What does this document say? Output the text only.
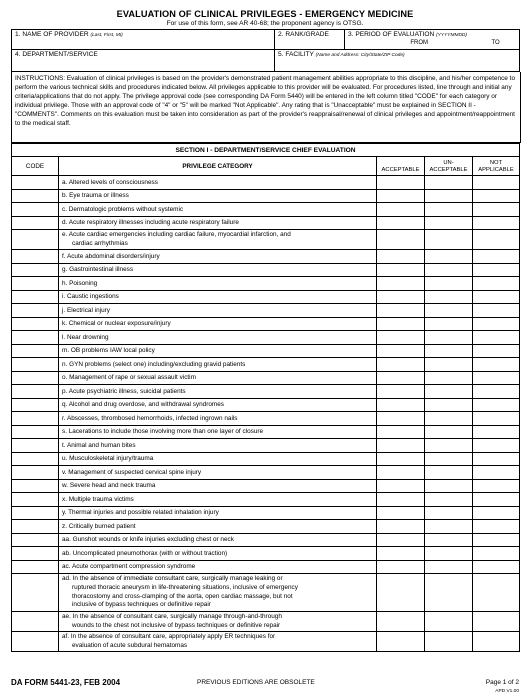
EVALUATION OF CLINICAL PRIVILEGES - EMERGENCY MEDICINE
For use of this form, see AR 40-68; the proponent agency is OTSG.
1. NAME OF PROVIDER (Last, First, MI)	2. RANK/GRADE	3. PERIOD OF EVALUATION (YYYYMMDD)
FROM TO

4. DEPARTMENT/SERVICE	5. FACILITY (Name and Address: City/State/ZIP Code)	

INSTRUCTIONS: Evaluation of clinical privileges is based on the provider's demonstrated patient management abilities appropriate to this discipline, and his/her competence to perform the various technical skills and procedures indicated below. All privileges applicable to this provider will be evaluated. For procedures listed, line through and initial any criteria/applications that do not apply. The privilege approval code (see corresponding DA Form 5440) will be entered in the left column titled "CODE" for each category or individual privilege. Those with an approval code of "4" or "5" will be marked "Not Applicable". Any rating that is "Unacceptable" must be explained in SECTION II - "COMMENTS". Comments on this evaluation must be taken into consideration as part of the provider's reappraisal/renewal of clinical privileges and appointment/reappointment to the medical staff.

SECTION I - DEPARTMENT/SERVICE CHIEF EVALUATION				
CODE	PRIVILEGE CATEGORY	ACCEPTABLE	UN-
ACCEPTABLE	NOT
APPLICABLE
	a. Altered levels of consciousness			
	b. Eye trauma or illness			
	c. Dermatologic problems without systemic			
	d. Acute respiratory illnesses including acute respiratory failure			
	e. Acute cardiac emergencies including cardiac failure, myocardial infarction, and
cardiac arrhythmias			

	f. Acute abdominal disorders/injury			
	g. Gastrointestinal illness			
	h. Poisoning			
	i. Caustic ingestions			
	j. Electrical injury			
	k. Chemical or nuclear exposure/injury			
	l. Near drowning			
	m. OB problems IAW local policy			
	n. GYN problems (select one) including/excluding gravid patients			
	o. Management of rape or sexual assault victim			
	p. Acute psychiatric illness, suicidal patients			
	q. Alcohol and drug overdose, and withdrawal syndromes			
	r. Abscesses, thrombosed hemorrhoids, infected ingrown nails			
	s. Lacerations to include those involving more than one layer of closure			
	t. Animal and human bites			
	u. Musculoskeletal injury/trauma			
	v. Management of suspected cervical spine injury			
	w. Severe head and neck trauma			
	x. Multiple trauma victims			
	y. Thermal injuries and possible related inhalation injury			
	z. Critically burned patient			
	aa. Gunshot wounds or knife injuries excluding chest or neck			
	ab. Uncomplicated pneumothorax (with or without traction)			
	ac. Acute compartment compression syndrome			
	ad. In the absence of immediate consultant care, surgically manage leaking or
ruptured thoracic aneurysm in life-threatening situations, inclusive of emergency
thoracostomy and cross-clamping of the aorta, open cardiac massage, but not
inclusive of bypass techniques or definitive repair			

	ae. In the absence of consultant care, surgically manage through-and-through
wounds to the chest not inclusive of bypass techniques or definitive repair			

	af. In the absence of consultant care, appropriately apply ER techniques for
evaluation of acute subdural hematomas			

DA FORM 5441-23, FEB 2004	PREVIOUS EDITIONS ARE OBSOLETE	Page 1 of 2
APD V1.00
